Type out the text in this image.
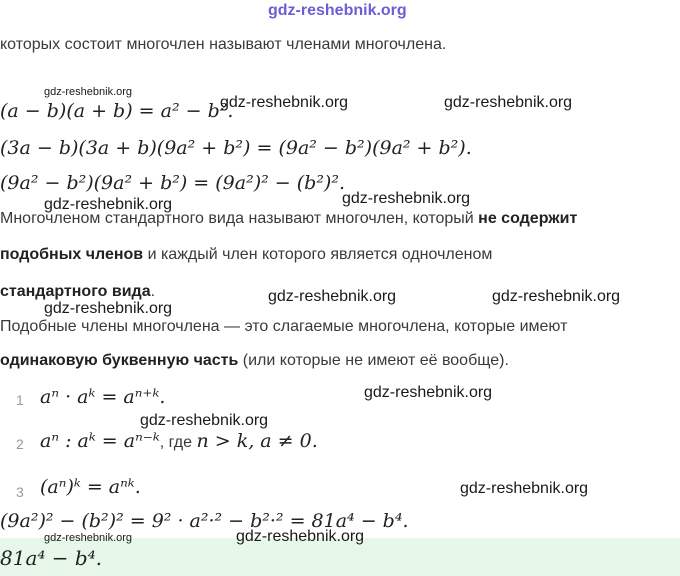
gdz-reshebnik.org
которых состоит многочлен называют членами многочлена.
gdz-reshebnik.org
(a − b)(a + b) = a² − b².
gdz-reshebnik.org	gdz-reshebnik.org
(3a − b)(3a + b)(9a² + b²) = (9a² − b²)(9a² + b²).
(9a² − b²)(9a² + b²) = (9a²)² − (b²)².
gdz-reshebnik.org
gdz-reshebnik.org
Многочленом стандартного вида называют многочлен, который не содержит
подобных членов и каждый член которого является одночленом
стандартного вида.	gdz-reshebnik.org	gdz-reshebnik.org
gdz-reshebnik.org
Подобные члены многочлена — это слагаемые многочлена, которые имеют
одинаковую буквенную часть (или которые не имеют её вообще).
1 aⁿ · aᵏ = aⁿ⁺ᵏ.	gdz-reshebnik.org
gdz-reshebnik.org
2 aⁿ : aᵏ = aⁿ⁻ᵏ, где n > k, a ≠ 0.
3 (aⁿ)ᵏ = aⁿᵏ.	gdz-reshebnik.org
(9a²)² − (b²)² = 9² · a²·² − b²·² = 81a⁴ − b⁴.
gdz-reshebnik.org	gdz-reshebnik.org
81a⁴ − b⁴.
